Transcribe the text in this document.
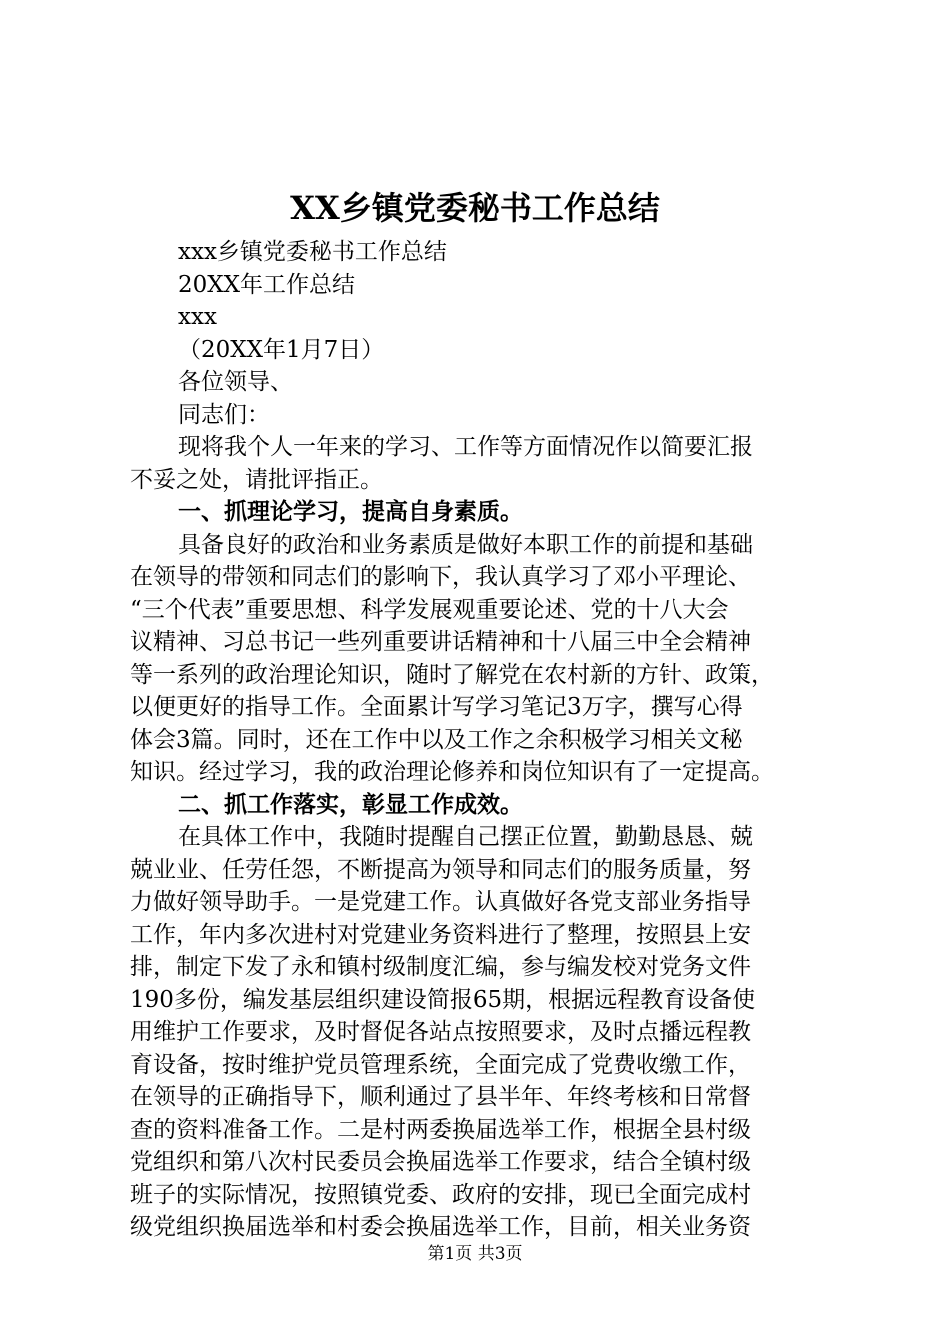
XX乡镇党委秘书工作总结
xxx乡镇党委秘书工作总结
20XX年工作总结
xxx
（20XX年1月7日）
各位领导、
同志们：
现将我个人一年来的学习、工作等方面情况作以简要汇报
不妥之处，请批评指正。
一、抓理论学习，提高自身素质。
具备良好的政治和业务素质是做好本职工作的前提和基础
在领导的带领和同志们的影响下，我认真学习了邓小平理论、
“三个代表”重要思想、科学发展观重要论述、党的十八大会
议精神、习总书记一些列重要讲话精神和十八届三中全会精神
等一系列的政治理论知识，随时了解党在农村新的方针、政策，
以便更好的指导工作。全面累计写学习笔记3万字，撰写心得
体会3篇。同时，还在工作中以及工作之余积极学习相关文秘
知识。经过学习，我的政治理论修养和岗位知识有了一定提高。
二、抓工作落实，彰显工作成效。
在具体工作中，我随时提醒自己摆正位置，勤勤恳恳、兢
兢业业、任劳任怨，不断提高为领导和同志们的服务质量，努
力做好领导助手。一是党建工作。认真做好各党支部业务指导
工作，年内多次进村对党建业务资料进行了整理，按照县上安
排，制定下发了永和镇村级制度汇编，参与编发校对党务文件
190多份，编发基层组织建设简报65期，根据远程教育设备使
用维护工作要求，及时督促各站点按照要求，及时点播远程教
育设备，按时维护党员管理系统，全面完成了党费收缴工作，
在领导的正确指导下，顺利通过了县半年、年终考核和日常督
查的资料准备工作。二是村两委换届选举工作，根据全县村级
党组织和第八次村民委员会换届选举工作要求，结合全镇村级
班子的实际情况，按照镇党委、政府的安排，现已全面完成村
级党组织换届选举和村委会换届选举工作，目前，相关业务资
第1页 共3页
